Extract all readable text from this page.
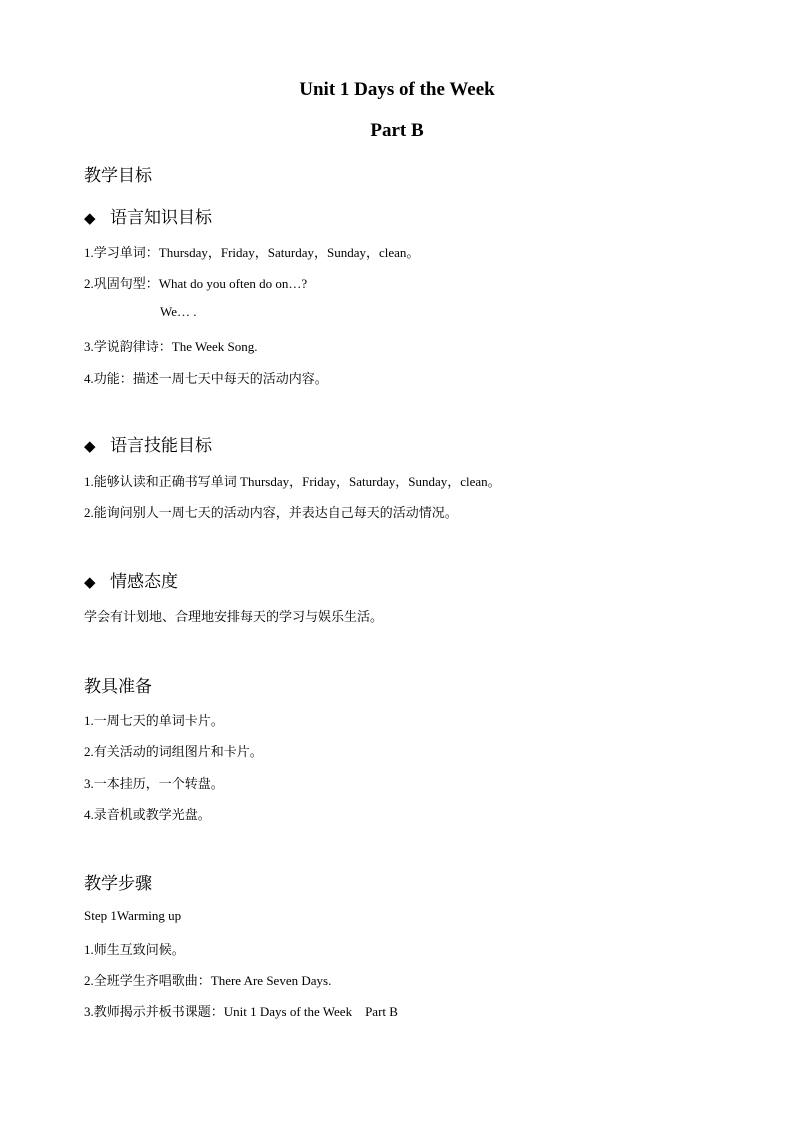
Unit 1 Days of the Week
Part B
教学目标
◆ 语言知识目标
1.学习单词：Thursday，Friday，Saturday，Sunday，clean。
2.巩固句型：What do you often do on…?
We… .
3.学说韵律诗：The Week Song.
4.功能：描述一周七天中每天的活动内容。
◆ 语言技能目标
1.能够认读和正确书写单词 Thursday，Friday，Saturday，Sunday，clean。
2.能询问别人一周七天的活动内容，并表达自己每天的活动情况。
◆ 情感态度
学会有计划地、合理地安排每天的学习与娱乐生活。
教具准备
1.一周七天的单词卡片。
2.有关活动的词组图片和卡片。
3.一本挂历，一个转盘。
4.录音机或教学光盘。
教学步骤
Step 1Warming up
1.师生互致问候。
2.全班学生齐唱歌曲：There Are Seven Days.
3.教师揭示并板书课题：Unit 1 Days of the Week    Part B
